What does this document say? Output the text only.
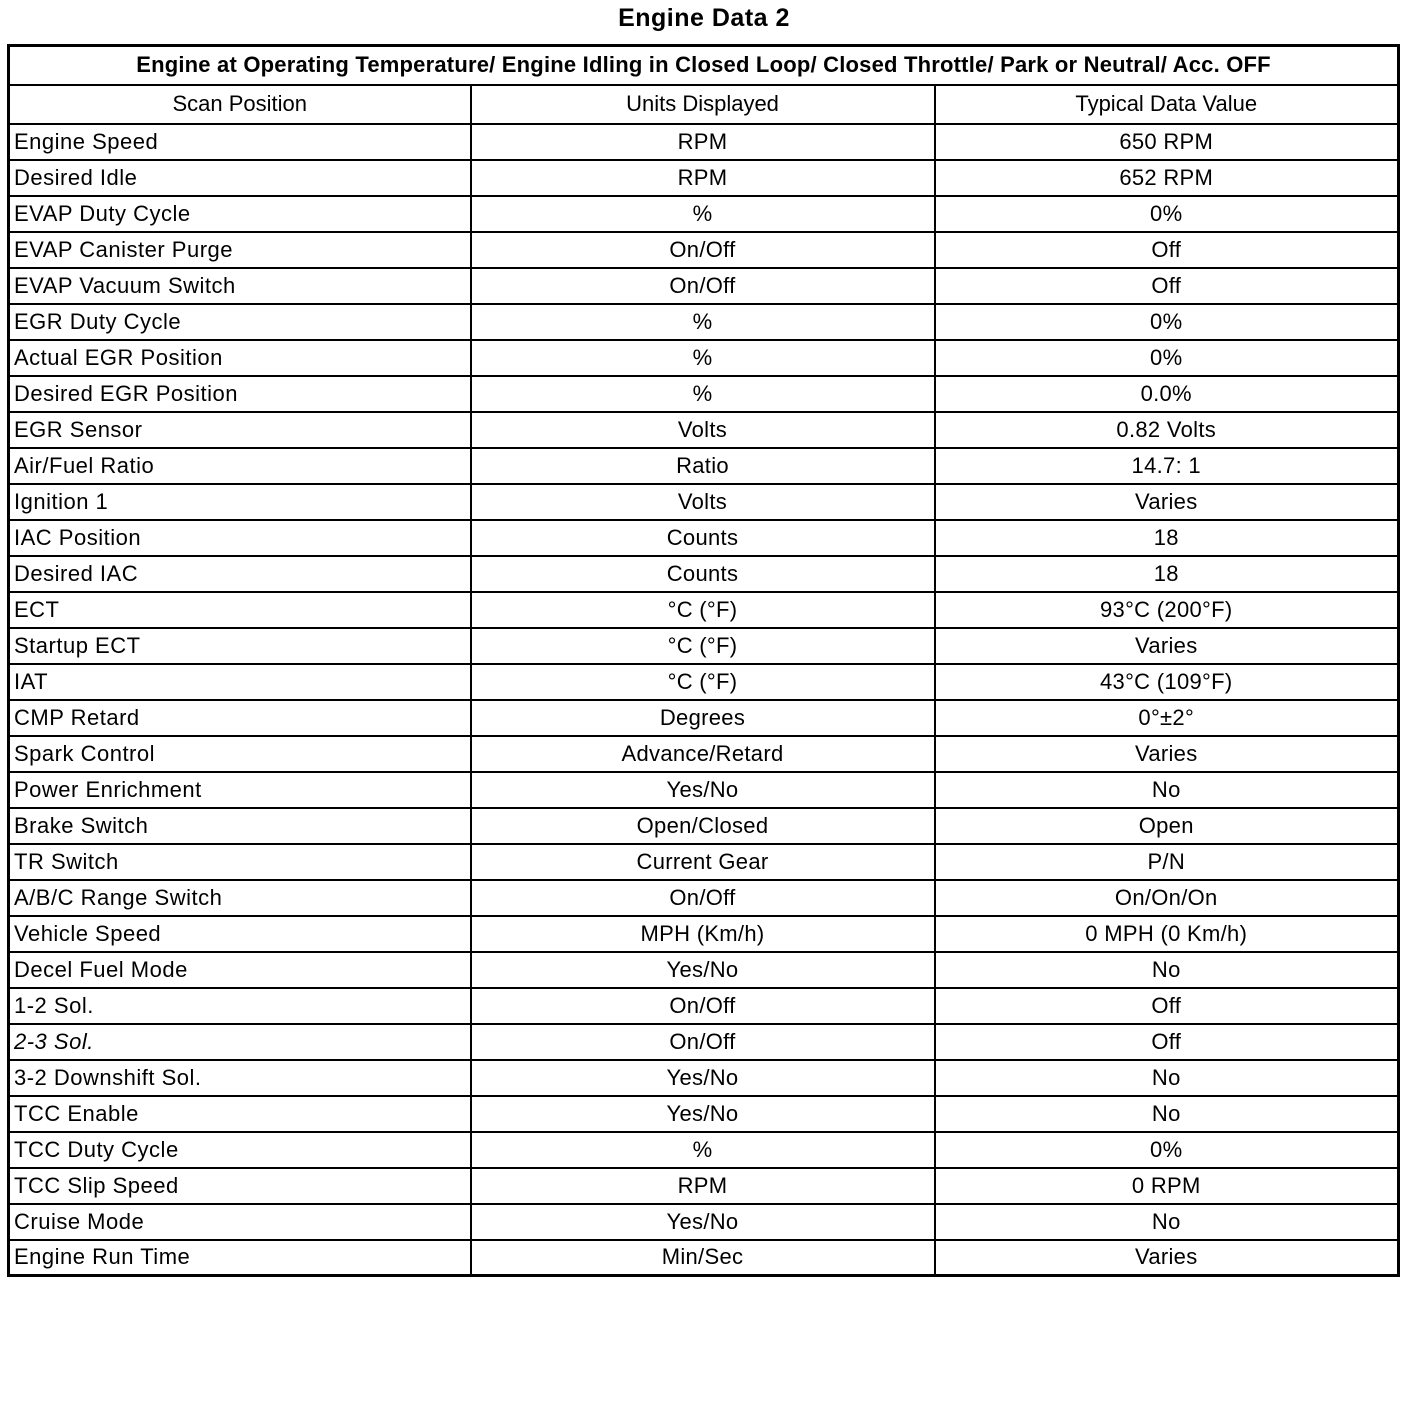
Engine Data 2
Engine at Operating Temperature/ Engine Idling in Closed Loop/ Closed Throttle/ Park or Neutral/ Acc. OFF		
Scan Position	Units Displayed	Typical Data Value
Engine Speed	RPM	650 RPM
Desired Idle	RPM	652 RPM
EVAP Duty Cycle	%	0%
EVAP Canister Purge	On/Off	Off
EVAP Vacuum Switch	On/Off	Off
EGR Duty Cycle	%	0%
Actual EGR Position	%	0%
Desired EGR Position	%	0.0%
EGR Sensor	Volts	0.82 Volts
Air/Fuel Ratio	Ratio	14.7: 1
Ignition 1	Volts	Varies
IAC Position	Counts	18
Desired IAC	Counts	18
ECT	°C (°F)	93°C (200°F)
Startup ECT	°C (°F)	Varies
IAT	°C (°F)	43°C (109°F)
CMP Retard	Degrees	0°±2°
Spark Control	Advance/Retard	Varies
Power Enrichment	Yes/No	No
Brake Switch	Open/Closed	Open
TR Switch	Current Gear	P/N
A/B/C Range Switch	On/Off	On/On/On
Vehicle Speed	MPH (Km/h)	0 MPH (0 Km/h)
Decel Fuel Mode	Yes/No	No
1-2 Sol.	On/Off	Off
2-3 Sol.	On/Off	Off
3-2 Downshift Sol.	Yes/No	No
TCC Enable	Yes/No	No
TCC Duty Cycle	%	0%
TCC Slip Speed	RPM	0 RPM
Cruise Mode	Yes/No	No
Engine Run Time	Min/Sec	Varies
